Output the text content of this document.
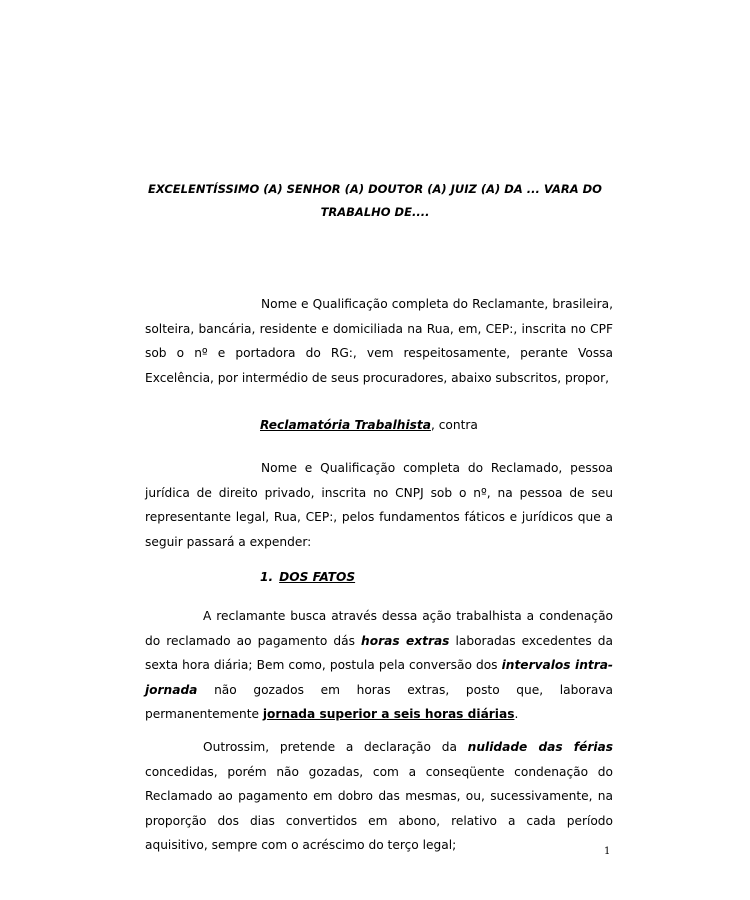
EXCELENTÍSSIMO (A) SENHOR (A) DOUTOR (A) JUIZ (A) DA ... VARA DO
TRABALHO DE....
Nome e Qualificação completa do Reclamante, brasileira, solteira, bancária, residente e domiciliada na Rua, em, CEP:, inscrita no CPF sob o nº e portadora do RG:, vem respeitosamente, perante Vossa Excelência, por intermédio de seus procuradores, abaixo subscritos, propor,
Reclamatória Trabalhista, contra
Nome e Qualificação completa do Reclamado, pessoa jurídica de direito privado, inscrita no CNPJ sob o nº, na pessoa de seu representante legal, Rua, CEP:, pelos fundamentos fáticos e jurídicos que a seguir passará a expender:
1. DOS FATOS
A reclamante busca através dessa ação trabalhista a condenação do reclamado ao pagamento dás horas extras laboradas excedentes da sexta hora diária; Bem como, postula pela conversão dos intervalos intra-jornada não gozados em horas extras, posto que, laborava permanentemente jornada superior a seis horas diárias.
Outrossim, pretende a declaração da nulidade das férias concedidas, porém não gozadas, com a conseqüente condenação do Reclamado ao pagamento em dobro das mesmas, ou, sucessivamente, na proporção dos dias convertidos em abono, relativo a cada período aquisitivo, sempre com o acréscimo do terço legal;	1
